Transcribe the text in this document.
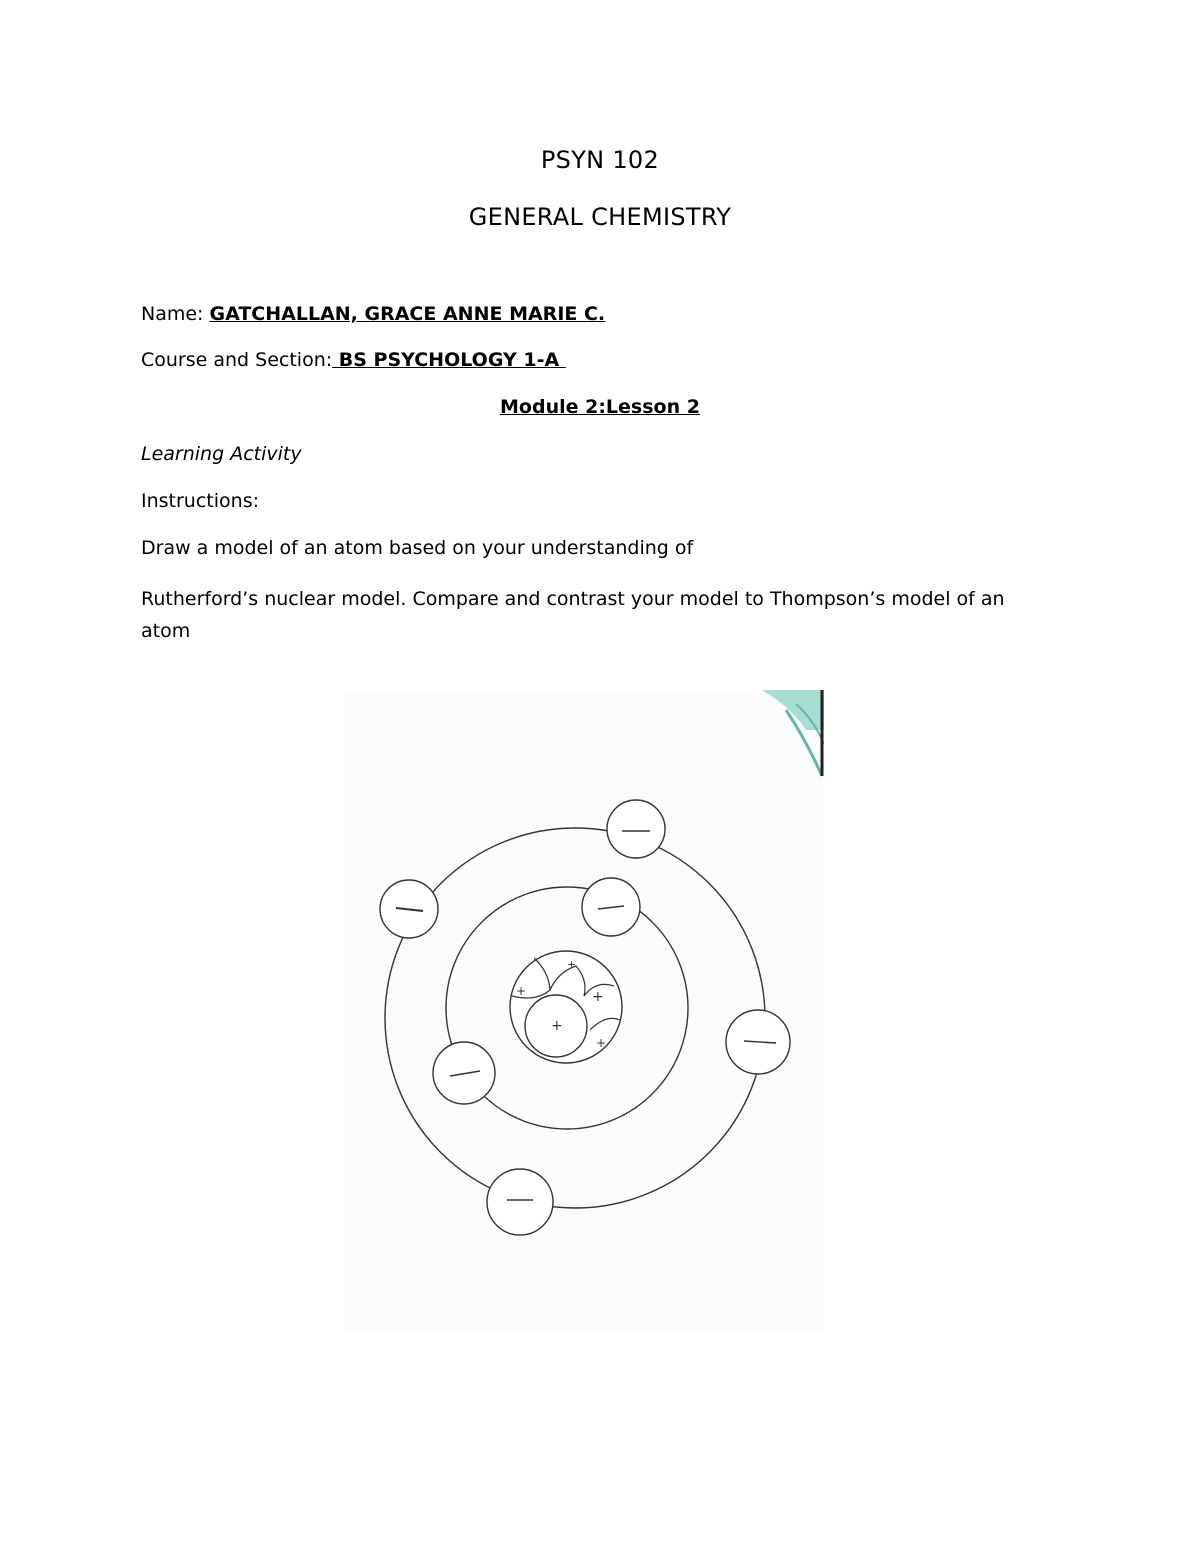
PSYN 102
GENERAL CHEMISTRY
Name: GATCHALLAN, GRACE ANNE MARIE C.
Course and Section: BS PSYCHOLOGY 1-A
Module 2:Lesson 2
Learning Activity
Instructions:
Draw a model of an atom based on your understanding of
Rutherford’s nuclear model. Compare and contrast your model to Thompson’s model of an atom
+
+
+
+
+
